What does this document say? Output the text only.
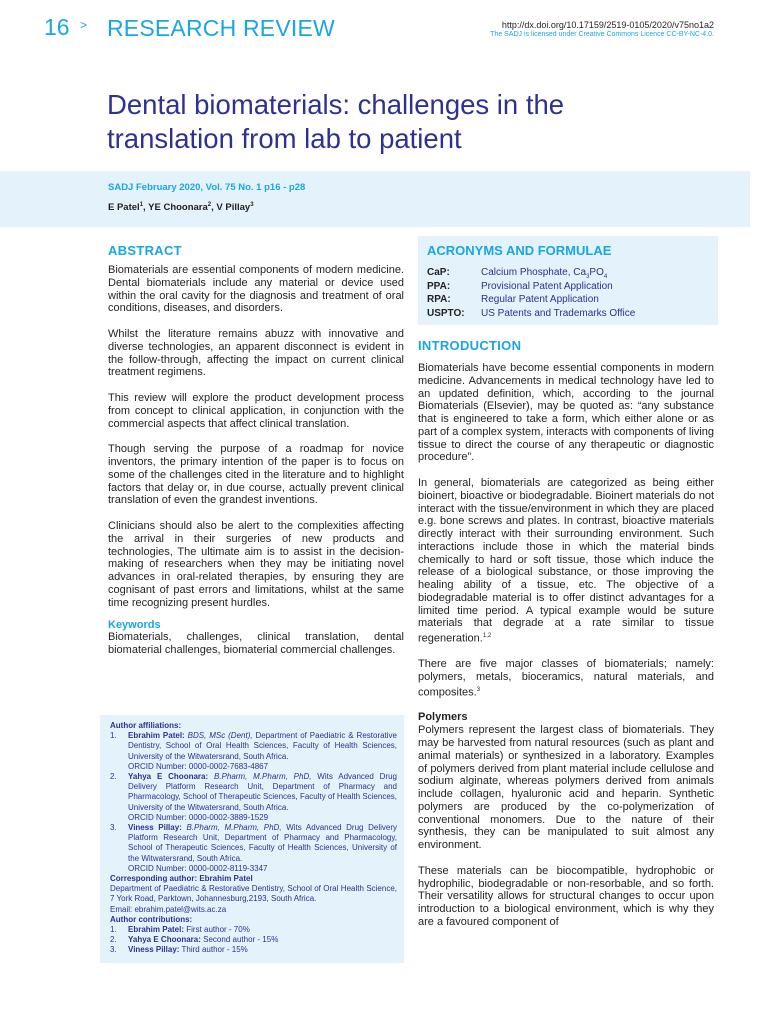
16 > RESEARCH REVIEW	http://dx.doi.org/10.17159/2519-0105/2020/v75no1a2
The SADJ is licensed under Creative Commons Licence CC-BY-NC-4.0.
Dental biomaterials: challenges in the
translation from lab to patient
SADJ February 2020, Vol. 75 No. 1 p16 - p28
E Patel$^1$, YE Choonara$^2$, V Pillay$^3$
ABSTRACT

Biomaterials are essential components of modern medicine. Dental biomaterials include any material or device used within the oral cavity for the diagnosis and treatment of oral conditions, diseases, and disorders.

Whilst the literature remains abuzz with innovative and diverse technologies, an apparent disconnect is evident in the follow-through, affecting the impact on current clinical treatment regimens.

This review will explore the product development process from concept to clinical application, in conjunction with the commercial aspects that affect clinical translation.

Though serving the purpose of a roadmap for novice inventors, the primary intention of the paper is to focus on some of the challenges cited in the literature and to highlight factors that delay or, in due course, actually prevent clinical translation of even the grandest inventions.

Clinicians should also be alert to the complexities affecting the arrival in their surgeries of new products and technologies, The ultimate aim is to assist in the decision-making of researchers when they may be initiating novel advances in oral-related therapies, by ensuring they are cognisant of past errors and limitations, whilst at the same time recognizing present hurdles.

Keywords

Biomaterials, challenges, clinical translation, dental biomaterial challenges, biomaterial commercial challenges.

Author affiliations:
1.	Ebrahim Patel: BDS, MSc (Dent), Department of Paediatric & Restorative Dentistry, School of Oral Health Sciences, Faculty of Health Sciences, University of the Witwatersrand, South Africa.
ORCID Number: 0000-0002-7683-4867
2.	Yahya E Choonara: B.Pharm, M.Pharm, PhD, Wits Advanced Drug Delivery Platform Research Unit, Department of Pharmacy and Pharmacology, School of Therapeutic Sciences, Faculty of Health Sciences, University of the Witwatersrand, South Africa.
ORCID Number: 0000-0002-3889-1529
3.	Viness Pillay: B.Pharm, M.Pharm, PhD, Wits Advanced Drug Delivery Platform Research Unit, Department of Pharmacy and Pharmacology, School of Therapeutic Sciences, Faculty of Health Sciences, University of the Witwatersrand, South Africa.
ORCID Number: 0000-0002-8119-3347
Corresponding author: Ebrahim Patel
Department of Paediatric & Restorative Dentistry, School of Oral Health Science, 7 York Road, Parktown, Johannesburg,2193, South Africa.
Email: ebrahim.patel@wits.ac.za
Author contributions:
1.	Ebrahim Patel: First author - 70%
2.	Yahya E Choonara: Second author - 15%
3.	Viness Pillay: Third author - 15%
ACRONYMS AND FORMULAE
CaP:	Calcium Phosphate, $Ca_3PO_4$
PPA:	Provisional Patent Application
RPA:	Regular Patent Application
USPTO: US Patents and Trademarks Office
INTRODUCTION

Biomaterials have become essential components in modern medicine. Advancements in medical technology have led to an updated definition, which, according to the journal Biomaterials (Elsevier), may be quoted as: “any substance that is engineered to take a form, which either alone or as part of a complex system, interacts with components of living tissue to direct the course of any therapeutic or diagnostic procedure”.

In general, biomaterials are categorized as being either bioinert, bioactive or biodegradable. Bioinert materials do not interact with the tissue/environment in which they are placed e.g. bone screws and plates. In contrast, bioactive materials directly interact with their surrounding environment. Such interactions include those in which the material binds chemically to hard or soft tissue, those which induce the release of a biological substance, or those improving the healing ability of a tissue, etc. The objective of a biodegradable material is to offer distinct advantages for a limited time period. A typical example would be suture materials that degrade at a rate similar to tissue regeneration.$^{1,2}$

There are five major classes of biomaterials; namely: polymers, metals, bioceramics, natural materials, and composites.$^3$

Polymers

Polymers represent the largest class of biomaterials. They may be harvested from natural resources (such as plant and animal materials) or synthesized in a laboratory. Examples of polymers derived from plant material include cellulose and sodium alginate, whereas polymers derived from animals include collagen, hyaluronic acid and heparin. Synthetic polymers are produced by the co-polymerization of conventional monomers. Due to the nature of their synthesis, they can be manipulated to suit almost any environment.

These materials can be biocompatible, hydrophobic or hydrophilic, biodegradable or non-resorbable, and so forth. Their versatility allows for structural changes to occur upon introduction to a biological environment, which is why they are a favoured component of
